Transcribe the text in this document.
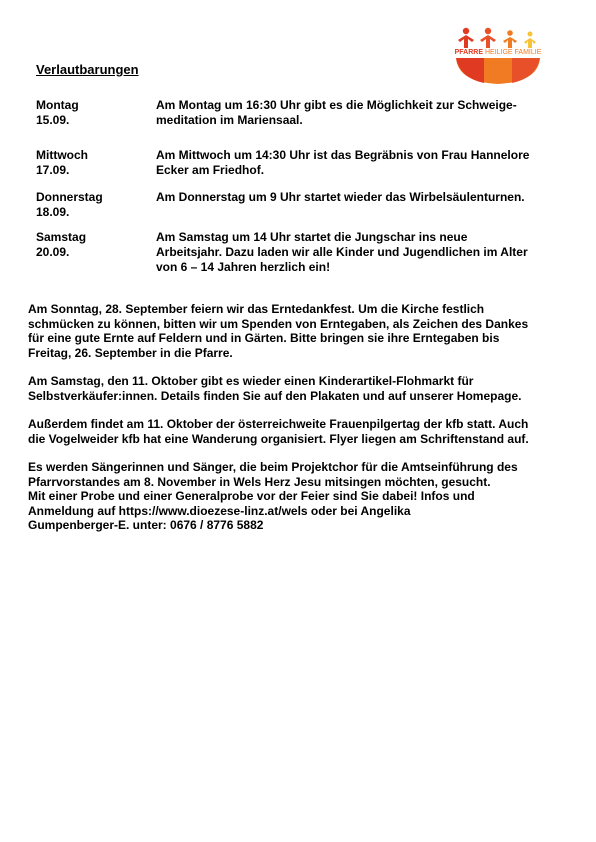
PFARRE HEILIGE FAMILIE
Verlautbarungen
Montag
15.09.
Am Montag um 16:30 Uhr gibt es die Möglichkeit zur Schweige-
meditation im Mariensaal.
Mittwoch
17.09.
Am Mittwoch um 14:30 Uhr ist das Begräbnis von Frau Hannelore
Ecker am Friedhof.
Donnerstag
18.09.
Am Donnerstag um 9 Uhr startet wieder das Wirbelsäulenturnen.
Samstag
20.09.
Am Samstag um 14 Uhr startet die Jungschar ins neue
Arbeitsjahr. Dazu laden wir alle Kinder und Jugendlichen im Alter
von 6 – 14 Jahren herzlich ein!

Am Sonntag, 28. September feiern wir das Erntedankfest. Um die Kirche festlich
schmücken zu können, bitten wir um Spenden von Erntegaben, als Zeichen des Dankes
für eine gute Ernte auf Feldern und in Gärten. Bitte bringen sie ihre Erntegaben bis
Freitag, 26. September in die Pfarre.

Am Samstag, den 11. Oktober gibt es wieder einen Kinderartikel-Flohmarkt für
Selbstverkäufer:innen. Details finden Sie auf den Plakaten und auf unserer Homepage.

Außerdem findet am 11. Oktober der österreichweite Frauenpilgertag der kfb statt. Auch
die Vogelweider kfb hat eine Wanderung organisiert. Flyer liegen am Schriftenstand auf.

Es werden Sängerinnen und Sänger, die beim Projektchor für die Amtseinführung des
Pfarrvorstandes am 8. November in Wels Herz Jesu mitsingen möchten, gesucht.
Mit einer Probe und einer Generalprobe vor der Feier sind Sie dabei! Infos und
Anmeldung auf https://www.dioezese-linz.at/wels oder bei Angelika
Gumpenberger-E. unter: 0676 / 8776 5882
